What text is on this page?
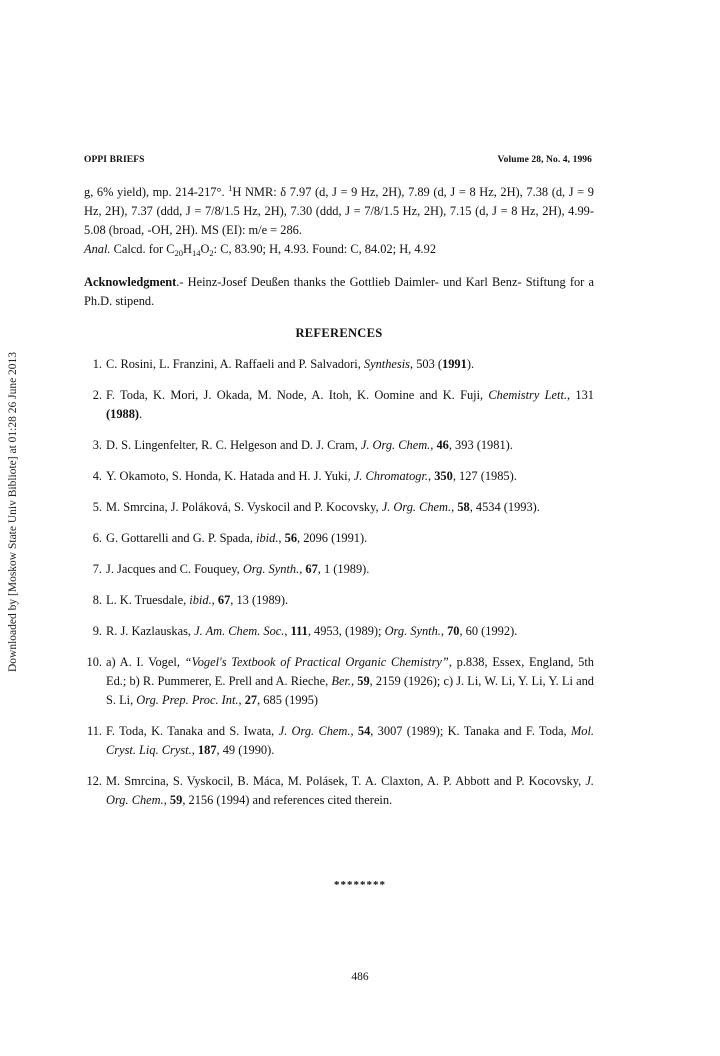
Downloaded by [Moskow State Univ Bibliote] at 01:28 26 June 2013
OPPI BRIEFS	Volume 28, No. 4, 1996

g, 6% yield), mp. 214-217°. $^1$H NMR: δ 7.97 (d, J = 9 Hz, 2H), 7.89 (d, J = 8 Hz, 2H), 7.38 (d, J = 9 Hz, 2H), 7.37 (ddd, J = 7/8/1.5 Hz, 2H), 7.30 (ddd, J = 7/8/1.5 Hz, 2H), 7.15 (d, J = 8 Hz, 2H), 4.99-5.08 (broad, -OH, 2H). MS (EI): m/e = 286.

Anal. Calcd. for $C_{20}H_{14}O_2$: C, 83.90; H, 4.93. Found: C, 84.02; H, 4.92

Acknowledgment.- Heinz-Josef Deußen thanks the Gottlieb Daimler- und Karl Benz- Stiftung for a Ph.D. stipend.

REFERENCES
1 . C. Rosini, L. Franzini, A. Raffaeli and P. Salvadori, Synthesis, 503 (1991).
2 . F. Toda, K. Mori, J. Okada, M. Node, A. Itoh, K. Oomine and K. Fuji, Chemistry Lett., 131 (1988).
3 . D. S. Lingenfelter, R. C. Helgeson and D. J. Cram, J. Org. Chem., 46, 393 (1981).
4 . Y. Okamoto, S. Honda, K. Hatada and H. J. Yuki, J. Chromatogr., 350, 127 (1985).
5 . M. Smrcina, J. Poláková, S. Vyskocil and P. Kocovsky, J. Org. Chem., 58, 4534 (1993).
6 . G. Gottarelli and G. P. Spada, ibid., 56, 2096 (1991).
7 . J. Jacques and C. Fouquey, Org. Synth., 67, 1 (1989).
8 . L. K. Truesdale, ibid., 67, 13 (1989).
9 . R. J. Kazlauskas, J. Am. Chem. Soc., 111, 4953, (1989); Org. Synth., 70, 60 (1992).
10 . a) A. I. Vogel, “Vogel's Textbook of Practical Organic Chemistry”, p.838, Essex, England, 5th Ed.; b) R. Pummerer, E. Prell and A. Rieche, Ber., 59, 2159 (1926); c) J. Li, W. Li, Y. Li, Y. Li and S. Li, Org. Prep. Proc. Int., 27, 685 (1995)
11 . F. Toda, K. Tanaka and S. Iwata, J. Org. Chem., 54, 3007 (1989); K. Tanaka and F. Toda, Mol. Cryst. Liq. Cryst., 187, 49 (1990).
12 . M. Smrcina, S. Vyskocil, B. Máca, M. Polásek, T. A. Claxton, A. P. Abbott and P. Kocovsky, J. Org. Chem., 59, 2156 (1994) and references cited therein.
********
486
